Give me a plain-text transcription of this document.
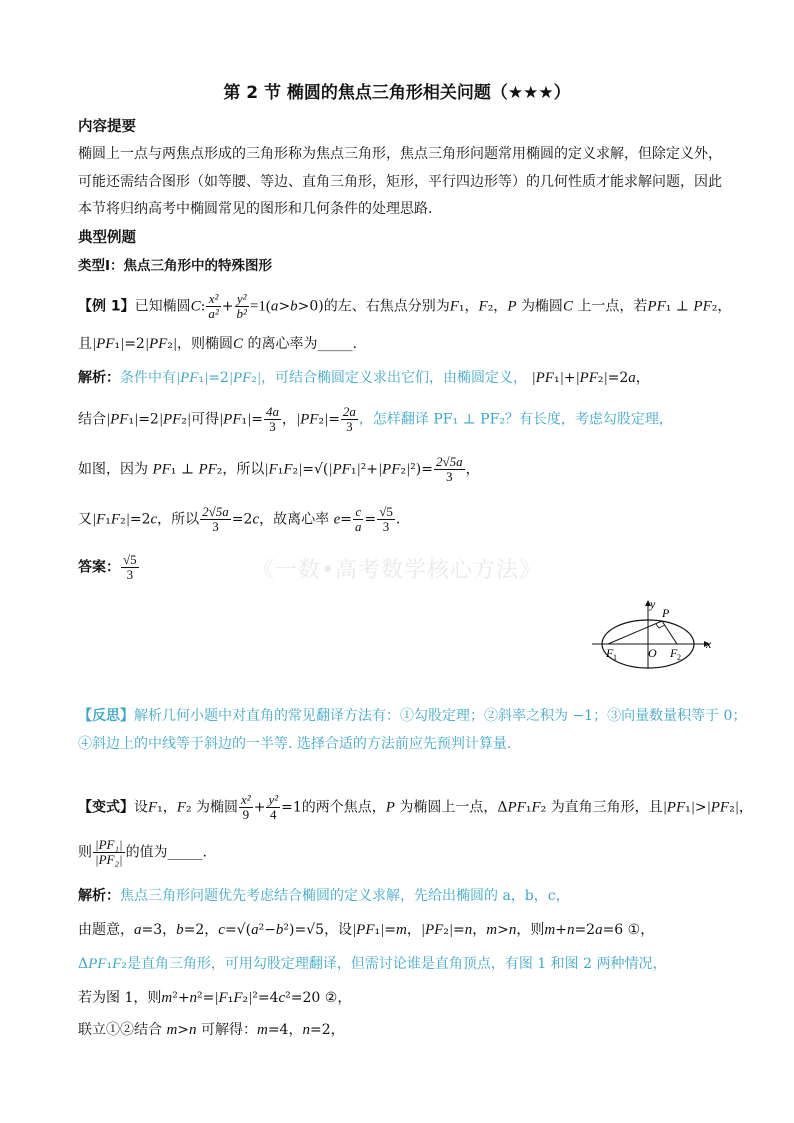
第 2 节 椭圆的焦点三角形相关问题（★★★）
内容提要
椭圆上一点与两焦点形成的三角形称为焦点三角形，焦点三角形问题常用椭圆的定义求解，但除定义外，
可能还需结合图形（如等腰、等边、直角三角形，矩形，平行四边形等）的几何性质才能求解问题，因此
本节将归纳高考中椭圆常见的图形和几何条件的处理思路.
典型例题
类型Ⅰ：焦点三角形中的特殊图形
【例 1】已知椭圆C: $\frac{\text{x²}}{\text{a²}} + \frac{\text{y²}}{\text{b²}} =1(a>b>0)$的左、右焦点分别为F₁，F₂，P 为椭圆C 上一点，若PF₁ ⊥ PF₂，
且|PF₁|=2|PF₂|，则椭圆C 的离心率为_____.
解析：条件中有|PF₁|=2|PF₂|，可结合椭圆定义求出它们，由椭圆定义， |PF₁|+|PF₂|=2a，
结合|PF₁|=2|PF₂|可得$|PF_1|= \frac{4a}{3}$ ，$|PF_2|= \frac{2a}{3}$ ，怎样翻译 PF₁ ⊥ PF₂？有长度，考虑勾股定理，
如图，因为 PF₁ ⊥ PF₂，所以$|F_1F_2|=√(|PF_1|^2+|PF_2|^2)= \frac{2√5a}{3}$ ，
又|F₁F₂|=2c，所以 $\frac{2√5a}{3} =2c$，故离心率 $e= \frac{c}{a} = \frac{√5}{3}$ .
答案： $\frac{√5}{3}$	《一数•高考数学核心方法》
y
P
x
F 1	O F 2
【反思】解析几何小题中对直角的常见翻译方法有：①勾股定理；②斜率之积为 −1；③向量数量积等于 0；
④斜边上的中线等于斜边的一半等. 选择合适的方法前应先预判计算量.
【变式】设F₁，F₂ 为椭圆 $\frac{\text{x²}}{9} + \frac{\text{y²}}{4} =1$的两个焦点，P 为椭圆上一点，ΔPF₁F₂ 为直角三角形，且|PF₁|>|PF₂|，
则 $\frac{\text{|PF₁|}}{\text{|PF₂|}}$ 的值为_____.
解析：焦点三角形问题优先考虑结合椭圆的定义求解，先给出椭圆的 a，b，c，
由题意，a=3，b=2，c=√(a²−b²)=√5，设|PF₁|=m，|PF₂|=n，m>n，则m+n=2a=6 ①，
ΔPF₁F₂是直角三角形，可用勾股定理翻译，但需讨论谁是直角顶点，有图 1 和图 2 两种情况，
若为图 1，则m²+n²=|F₁F₂|²=4c²=20 ②，
联立①②结合 m>n 可解得：m=4，n=2，
